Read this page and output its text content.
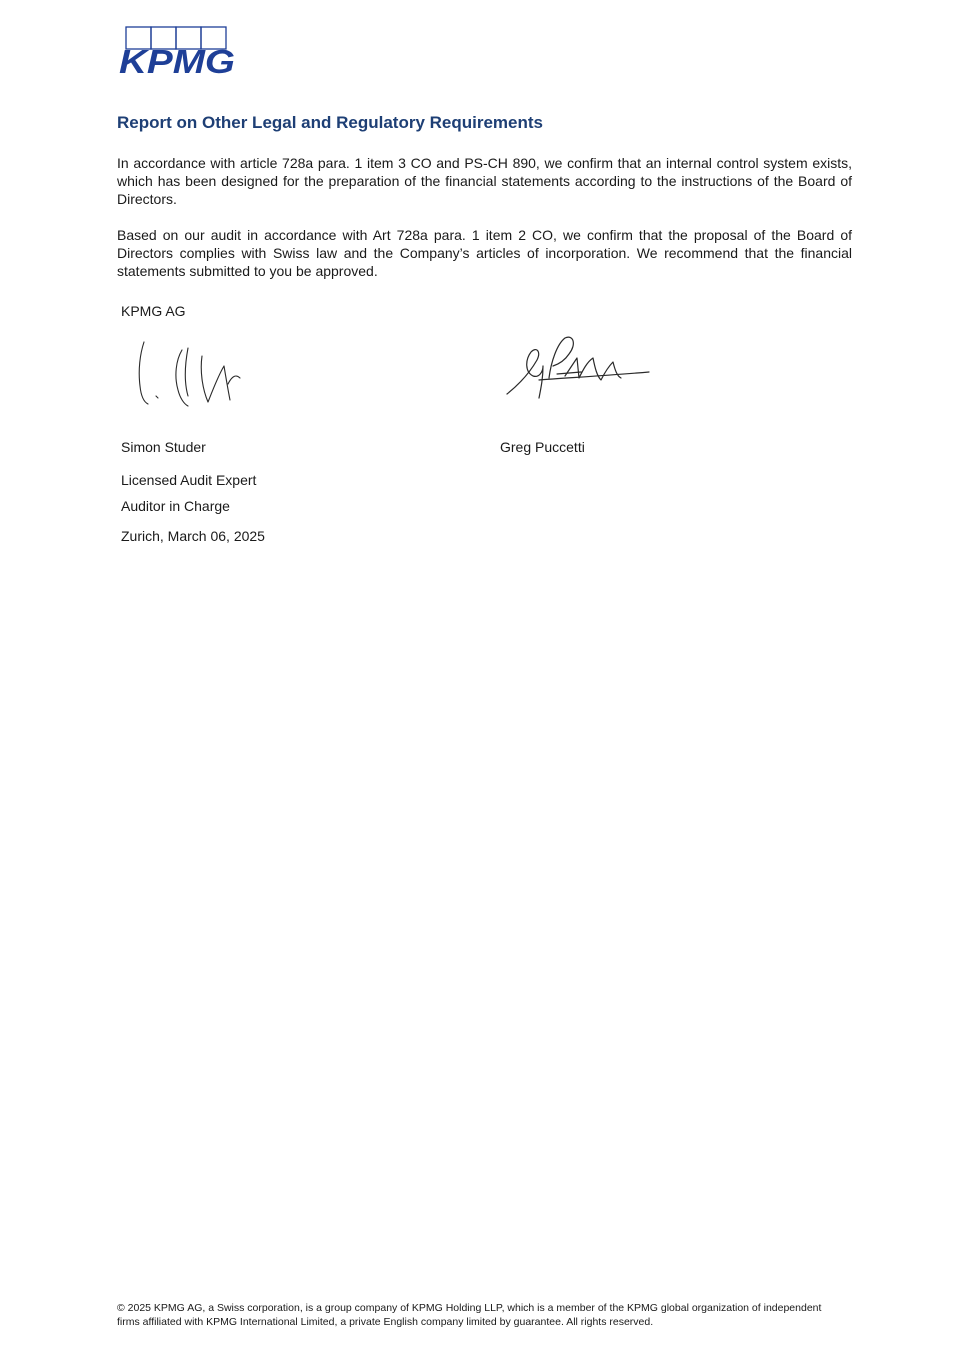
KPMG
Report on Other Legal and Regulatory Requirements

In accordance with article 728a para. 1 item 3 CO and PS-CH 890, we confirm that an internal control system exists, which has been designed for the preparation of the financial statements according to the instructions of the Board of Directors.

Based on our audit in accordance with Art 728a para. 1 item 2 CO, we confirm that the proposal of the Board of Directors complies with Swiss law and the Company’s articles of incorporation. We recommend that the financial statements submitted to you be approved.

KPMG AG

Simon Studer	Greg Puccetti

Licensed Audit Expert

Auditor in Charge

Zurich, March 06, 2025

© 2025 KPMG AG, a Swiss corporation, is a group company of KPMG Holding LLP, which is a member of the KPMG global organization of independent firms affiliated with KPMG International Limited, a private English company limited by guarantee. All rights reserved.
